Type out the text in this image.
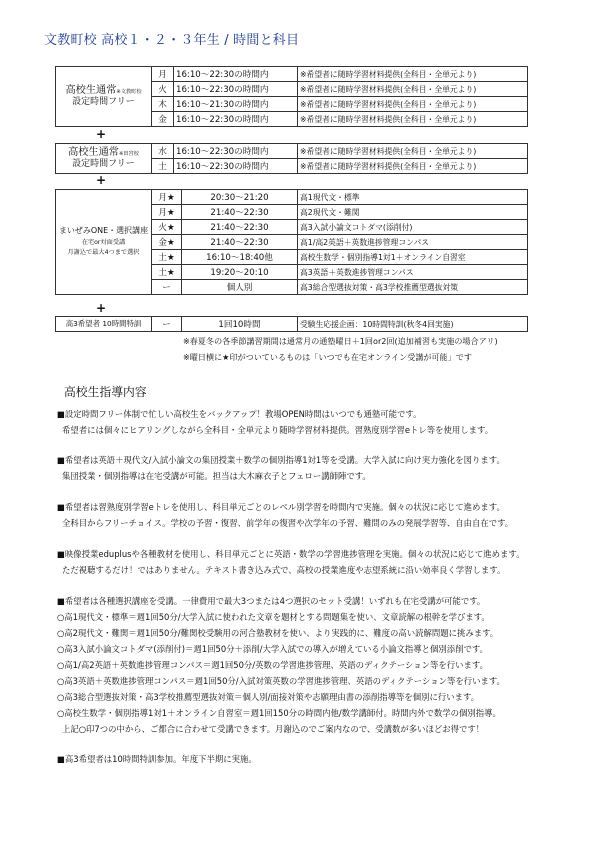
文教町校 高校１・２・３年生 / 時間と科目
高校生通常※文教町校
設定時間フリー	月	16:10～22:30の時間内	※希望者に随時学習材料提供(全科目・全単元より)
	火	16:10～22:30の時間内	※希望者に随時学習材料提供(全科目・全単元より)
	木	16:10～21:30の時間内	※希望者に随時学習材料提供(全科目・全単元より)
	金	16:10～22:30の時間内	※希望者に随時学習材料提供(全科目・全単元より)
+
高校生通常※田宮校
設定時間フリー	水	16:10～22:30の時間内	※希望者に随時学習材料提供(全科目・全単元より)
	土	16:10～22:30の時間内	※希望者に随時学習材料提供(全科目・全単元より)
+
まいぜみONE・選択講座
在宅or対面受講
月謝込で最大4つまで選択	月★	20:30～21:20	高1現代文・標準
	月★	21:40～22:30	高2現代文・難関
	火★	21:40～22:30	高3入試小論文コトダマ(添削付)
	金★	21:40～22:30	高1/高2英語＋英数進捗管理コンパス
	土★	16:10～18:40他	高校生数学・個別指導1対1＋オンライン自習室
	土★	19:20～20:10	高3英語＋英数進捗管理コンパス
	ー	個人別	高3総合型選抜対策・高3学校推薦型選抜対策
+
高3希望者 10時間特訓	ー	1回10時間	受験生応援企画：10時間特訓(秋冬4回実施)
※春夏冬の各季節講習期間は通常月の通塾曜日＋1回or2回(追加補習も実施の場合アリ)
※曜日横に★印がついているものは「いつでも在宅オンライン受講が可能」です
高校生指導内容
■設定時間フリー体制で忙しい高校生をバックアップ！教場OPEN時間はいつでも通塾可能です。
希望者には個々にヒアリングしながら全科目・全単元より随時学習材料提供。習熟度別学習eトレ等を使用します。
■希望者は英語＋現代文/入試小論文の集団授業＋数学の個別指導1対1等を受講。大学入試に向け実力強化を図ります。
集団授業・個別指導は在宅受講が可能。担当は大木麻衣子とフェロー講師陣です。
■希望者は習熟度別学習eトレを使用し、科目単元ごとのレベル別学習を時間内で実施。個々の状況に応じて進めます。
全科目からフリーチョイス。学校の予習・復習、前学年の復習や次学年の予習、難問のみの発展学習等、自由自在です。
■映像授業eduplusや各種教材を使用し、科目単元ごとに英語・数学の学習進捗管理を実施。個々の状況に応じて進めます。
ただ視聴するだけ！ではありません。テキスト書き込み式で、高校の授業進度や志望系統に沿い効率良く学習します。
■希望者は各種選択講座を受講。一律費用で最大3つまたは4つ選択のセット受講！いずれも在宅受講が可能です。
○高1現代文・標準＝週1回50分/大学入試に使われた文章を題材とする問題集を使い、文章読解の根幹を学びます。
○高2現代文・難関＝週1回50分/難関校受験用の河合塾教材を使い、より実践的に、難度の高い読解問題に挑みます。
○高3入試小論文コトダマ(添削付)＝週1回50分＋添削/大学入試での導入が増えている小論文指導と個別添削です。
○高1/高2英語＋英数進捗管理コンパス＝週1回50分/英数の学習進捗管理、英語のディクテーション等を行います。
○高3英語＋英数進捗管理コンパス＝週1回50分/入試対策英数の学習進捗管理、英語のディクテーション等を行います。
○高3総合型選抜対策・高3学校推薦型選抜対策＝個人別/面接対策や志願理由書の添削指導等を個別に行います。
○高校生数学・個別指導1対1＋オンライン自習室＝週1回150分の時間内他/数学講師付。時間内外で数学の個別指導。
上記○印7つの中から、ご都合に合わせて受講できます。月謝込のでご案内なので、受講数が多いほどお得です！
■高3希望者は10時間特訓参加。年度下半期に実施。
